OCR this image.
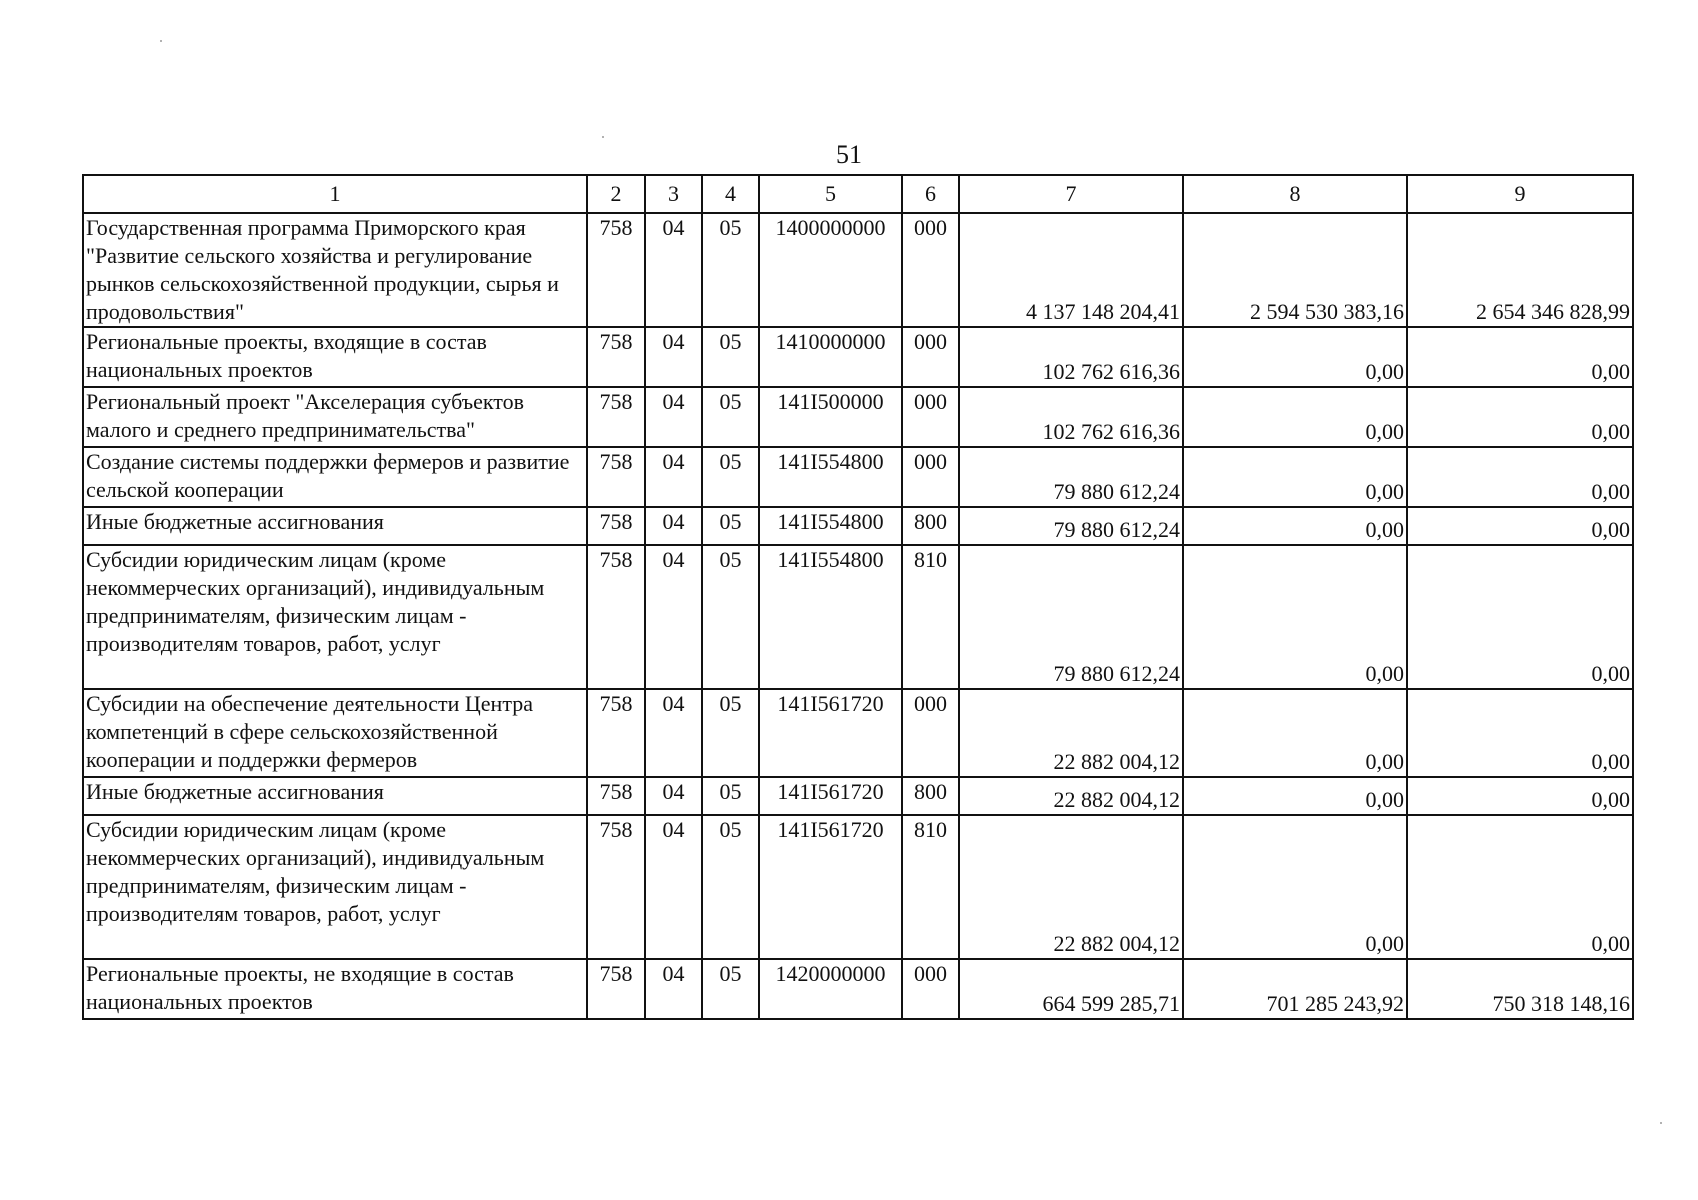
51
1	2	3	4	5	6	7	8	9
Государственная программа Приморского края "Развитие сельского хозяйства и регулирование рынков сельскохозяйственной продукции, сырья и продовольствия"	758	04	05	1400000000	000	4 137 148 204,41	2 594 530 383,16	2 654 346 828,99
Региональные проекты, входящие в состав национальных проектов	758	04	05	1410000000	000	102 762 616,36	0,00	0,00
Региональный проект "Акселерация субъектов малого и среднего предпринимательства"	758	04	05	141I500000	000	102 762 616,36	0,00	0,00
Создание системы поддержки фермеров и развитие сельской кооперации	758	04	05	141I554800	000	79 880 612,24	0,00	0,00
Иные бюджетные ассигнования	758	04	05	141I554800	800	79 880 612,24	0,00	0,00
Субсидии юридическим лицам (кроме некоммерческих организаций), индивидуальным предпринимателям, физическим лицам - производителям товаров, работ, услуг	758	04	05	141I554800	810	79 880 612,24	0,00	0,00
Субсидии на обеспечение деятельности Центра компетенций в сфере сельскохозяйственной кооперации и поддержки фермеров	758	04	05	141I561720	000	22 882 004,12	0,00	0,00
Иные бюджетные ассигнования	758	04	05	141I561720	800	22 882 004,12	0,00	0,00
Субсидии юридическим лицам (кроме некоммерческих организаций), индивидуальным предпринимателям, физическим лицам - производителям товаров, работ, услуг	758	04	05	141I561720	810	22 882 004,12	0,00	0,00
Региональные проекты, не входящие в состав национальных проектов	758	04	05	1420000000	000	664 599 285,71	701 285 243,92	750 318 148,16
